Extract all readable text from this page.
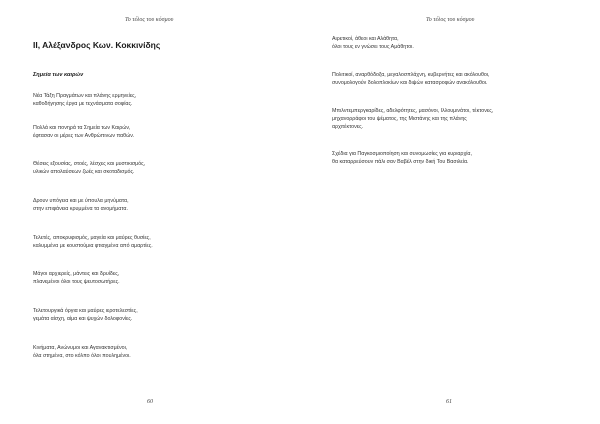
Το τέλος του κόσμου
ΙΙ, Αλέξανδρος Κων. Κοκκινίδης
Σημεία των καιρών
Νέα Τάξη Πραγμάτων και πλάνης ερμηνείες,
καθοδήγησης έργα με τεχνάσματα σοφίας.
Πολλά και πονηρά τα Σημεία των Καιρών,
έφτασαν οι μέρες των Ανθρώπινων παθών.
Θέσεις εξουσίας, στοές, λέσχες και μυστικισμός,
υλικών απολαύσεων ζωές και σκοταδισμός.
Δρουν υπόγεια και με ύπουλα μηνύματα,
στην επιφάνεια κρυμμένα τα ανομήματα.
Τελετές, αποκρυφισμός, μαγεία και μαύρες θυσίες,
καλυμμένα με κουστούμια φτιαγμένα από αμαρτίες.
Μάγοι αρχιερείς, μάντεις και δρυίδες,
πλανεμένοι όλοι τους ψευτοσωτήρες.
Τελετουργικά όργια και μαύρες ιεροτελεστίες,
γεμάτα αίσχη, αίμα και ψυχών δολοφονίες.
Κινήματα, Ανώνυμοι και Αγανακτισμένοι,
όλα στημένα, στο κόλπο όλοι πουλημένοι.
60
Το τέλος του κόσμου
Αιρετικοί, άθεοι και Αλάθητα,
όλοι τους εν γνώσει τους Αμάθητοι.
Πολιτικοί, αναρθόδοξα, μεγαλοσπλάχνη, κυβερνήτες και ακόλουθοι,
συνομολογούν δολοπλοκίων και διψών κατασροφών ανακόλουθοι.
Μπιλντεμπεργκαρίδες, αδελφότητες, μασόνοι, Ιλλουμινάτοι, τέκτονες,
μηχανορράφοι του ψέματος, της Μιστάνης και της πλάνης
αρχιτέκτονες.
Σχέδια για Παγκοσμιοποίηση και συνομωσίες για κυριαρχία,
θα καταρρεύσουν πάλι σαν Βαβέλ στην δική Του Βασιλεία.
61
